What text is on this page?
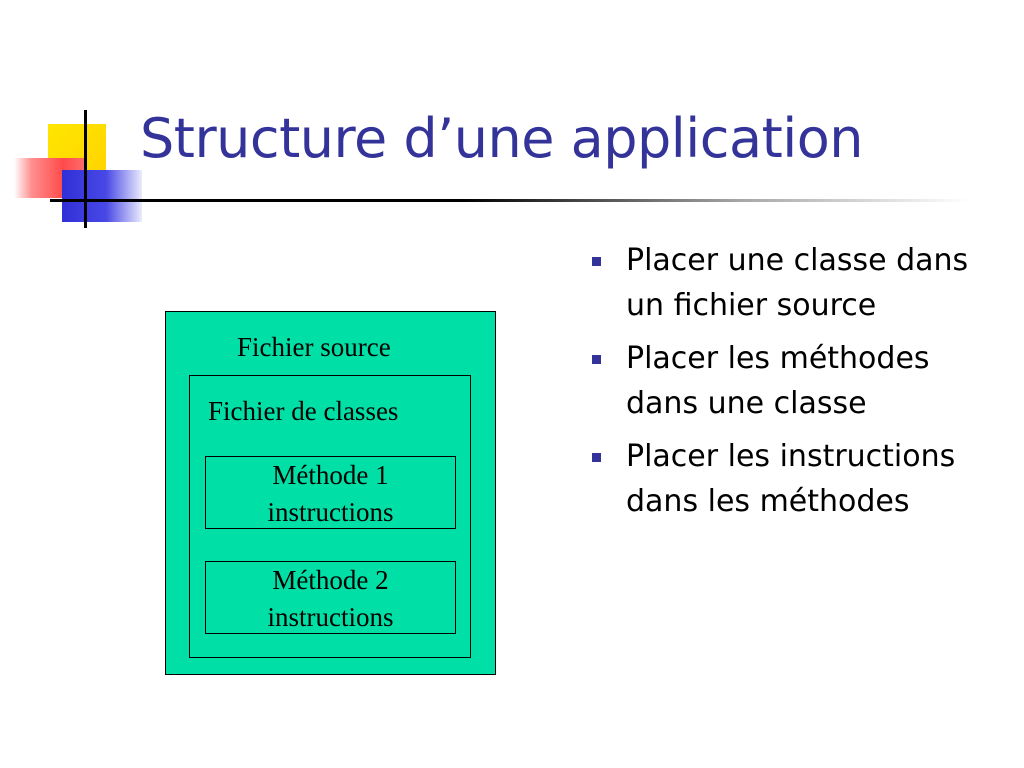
Structure d’une application
Fichier source
Fichier de classes
Méthode 1
instructions
Méthode 2
instructions
Placer une classe dans un fichier source
Placer les méthodes dans une classe
Placer les instructions dans les méthodes
